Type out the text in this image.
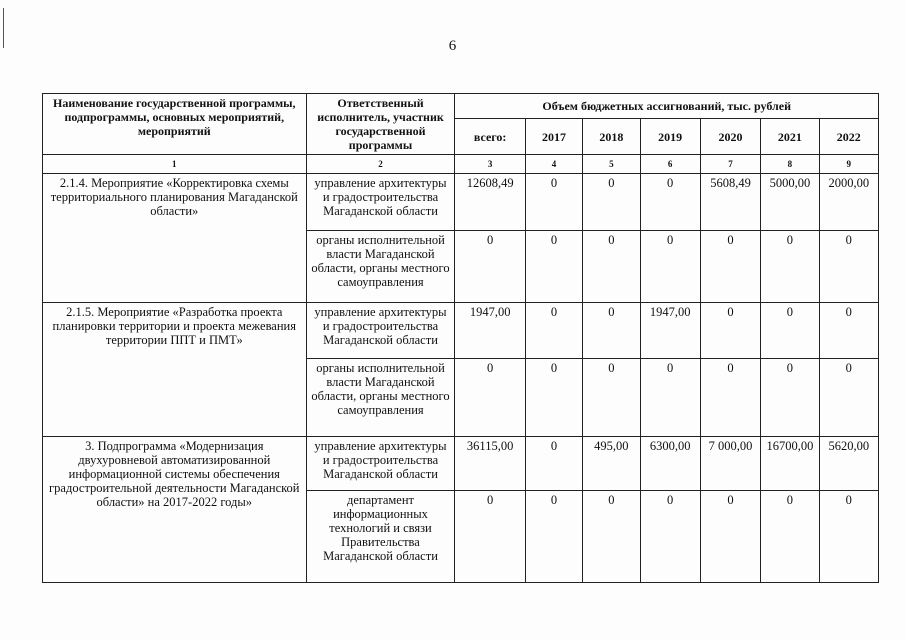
6
Наименование государственной программы, подпрограммы, основных мероприятий, мероприятий	Ответственный исполнитель, участник государственной программы	Объем бюджетных ассигнований, тыс. рублей						
		всего:	2017	2018	2019	2020	2021	2022
1	2	3	4	5	6	7	8	9
2.1.4. Мероприятие «Корректировка схемы территориального планирования Магаданской области»	управление архитектуры и градостроительства Магаданской области	12608,49	0	0	0	5608,49	5000,00	2000,00
	органы исполнительной власти Магаданской области, органы местного самоуправления	0	0	0	0	0	0	0
2.1.5. Мероприятие «Разработка проекта планировки территории и проекта межевания территории ППТ и ПМТ»	управление архитектуры и градостроительства Магаданской области	1947,00	0	0	1947,00	0	0	0
	органы исполнительной власти Магаданской области, органы местного самоуправления	0	0	0	0	0	0	0
3. Подпрограмма «Модернизация двухуровневой автоматизированной информационной системы обеспечения градостроительной деятельности Магаданской области» на 2017-2022 годы»	управление архитектуры и градостроительства Магаданской области	36115,00	0	495,00	6300,00	7 000,00	16700,00	5620,00
	департамент информационных технологий и связи Правительства Магаданской области	0	0	0	0	0	0	0
